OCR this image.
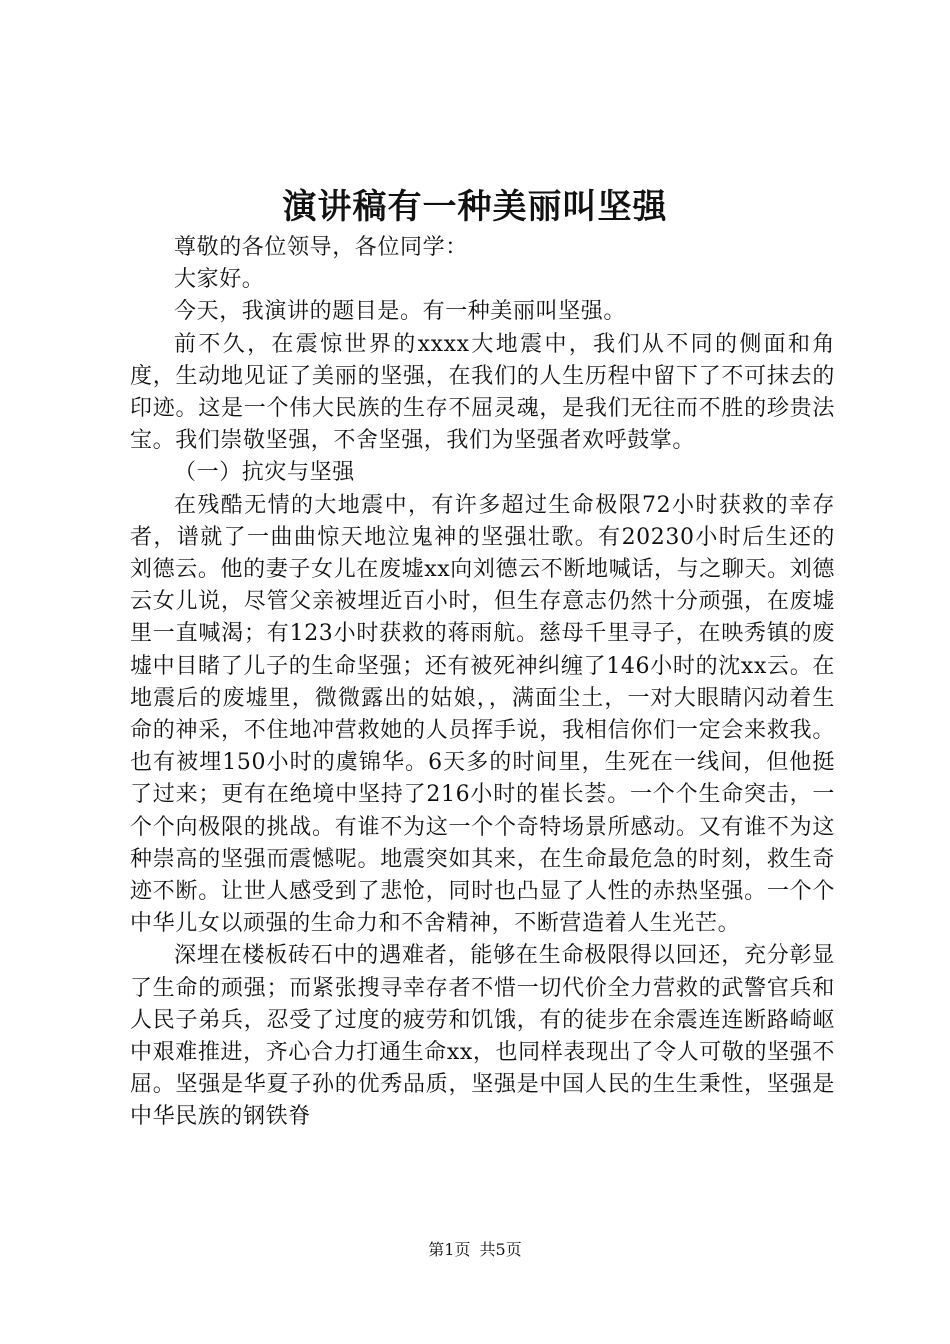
演讲稿有一种美丽叫坚强

尊敬的各位领导，各位同学：

大家好。

今天，我演讲的题目是。有一种美丽叫坚强。

前不久，在震惊世界的xxxx大地震中，我们从不同的侧面和角度，生动地见证了美丽的坚强，在我们的人生历程中留下了不可抹去的印迹。这是一个伟大民族的生存不屈灵魂，是我们无往而不胜的珍贵法宝。我们崇敬坚强，不舍坚强，我们为坚强者欢呼鼓掌。

（一）抗灾与坚强

在残酷无情的大地震中，有许多超过生命极限72小时获救的幸存者，谱就了一曲曲惊天地泣鬼神的坚强壮歌。有20230小时后生还的刘德云。他的妻子女儿在废墟xx向刘德云不断地喊话，与之聊天。刘德云女儿说，尽管父亲被埋近百小时，但生存意志仍然十分顽强，在废墟里一直喊渴；有123小时获救的蒋雨航。慈母千里寻子，在映秀镇的废墟中目睹了儿子的生命坚强；还有被死神纠缠了146小时的沈xx云。在地震后的废墟里，微微露出的姑娘，，满面尘土，一对大眼睛闪动着生命的神采，不住地冲营救她的人员挥手说，我相信你们一定会来救我。也有被埋150小时的虞锦华。6天多的时间里，生死在一线间，但他挺了过来；更有在绝境中坚持了216小时的崔长荟。一个个生命突击，一个个向极限的挑战。有谁不为这一个个奇特场景所感动。又有谁不为这种崇高的坚强而震憾呢。地震突如其来，在生命最危急的时刻，救生奇迹不断。让世人感受到了悲怆，同时也凸显了人性的赤热坚强。一个个中华儿女以顽强的生命力和不舍精神，不断营造着人生光芒。

深埋在楼板砖石中的遇难者，能够在生命极限得以回还，充分彰显了生命的顽强；而紧张搜寻幸存者不惜一切代价全力营救的武警官兵和人民子弟兵，忍受了过度的疲劳和饥饿，有的徒步在余震连连断路崎岖中艰难推进，齐心合力打通生命xx，也同样表现出了令人可敬的坚强不屈。坚强是华夏子孙的优秀品质，坚强是中国人民的生生秉性，坚强是中华民族的钢铁脊

第1页 共5页
